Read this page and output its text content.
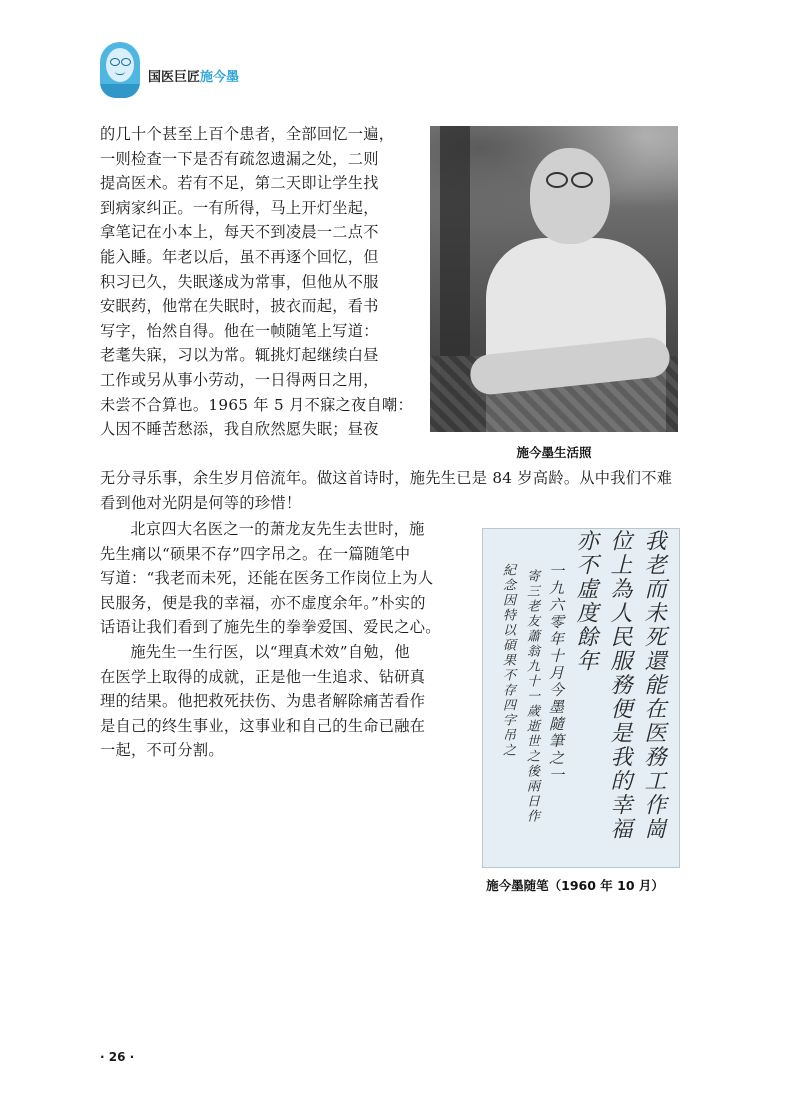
国医巨匠施今墨

的几十个甚至上百个患者，全部回忆一遍，

一则检查一下是否有疏忽遗漏之处，二则

提高医术。若有不足，第二天即让学生找

到病家纠正。一有所得，马上开灯坐起，

拿笔记在小本上，每天不到凌晨一二点不

能入睡。年老以后，虽不再逐个回忆，但

积习已久，失眠遂成为常事，但他从不服

安眠药，他常在失眠时，披衣而起，看书

写字，怡然自得。他在一帧随笔上写道：

老耄失寐，习以为常。辄挑灯起继续白昼

工作或另从事小劳动，一日得两日之用，

未尝不合算也。1965 年 5 月不寐之夜自嘲：

人因不睡苦愁添，我自欣然愿失眠；昼夜

施今墨生活照

无分寻乐事，余生岁月倍流年。做这首诗时，施先生已是 84 岁高龄。从中我们不难

看到他对光阴是何等的珍惜！

北京四大名医之一的萧龙友先生去世时，施

先生痛以“硕果不存”四字吊之。在一篇随笔中

写道：“我老而未死，还能在医务工作岗位上为人

民服务，便是我的幸福，亦不虚度余年。”朴实的

话语让我们看到了施先生的拳拳爱国、爱民之心。

施先生一生行医，以“理真术效”自勉，他

在医学上取得的成就，正是他一生追求、钻研真

理的结果。他把救死扶伤、为患者解除痛苦看作

是自己的终生事业，这事业和自己的生命已融在

一起，不可分割。	我老而未死還能在医務工作崗
位上為人民服務便是我的幸福
亦不虛度餘年
一九六零年十月今墨隨筆之一
寄三老友蕭翁九十一歲逝世之後兩日作
紀念因特以碩果不存四字吊之
施今墨随笔（1960 年 10 月）
· 26 ·
